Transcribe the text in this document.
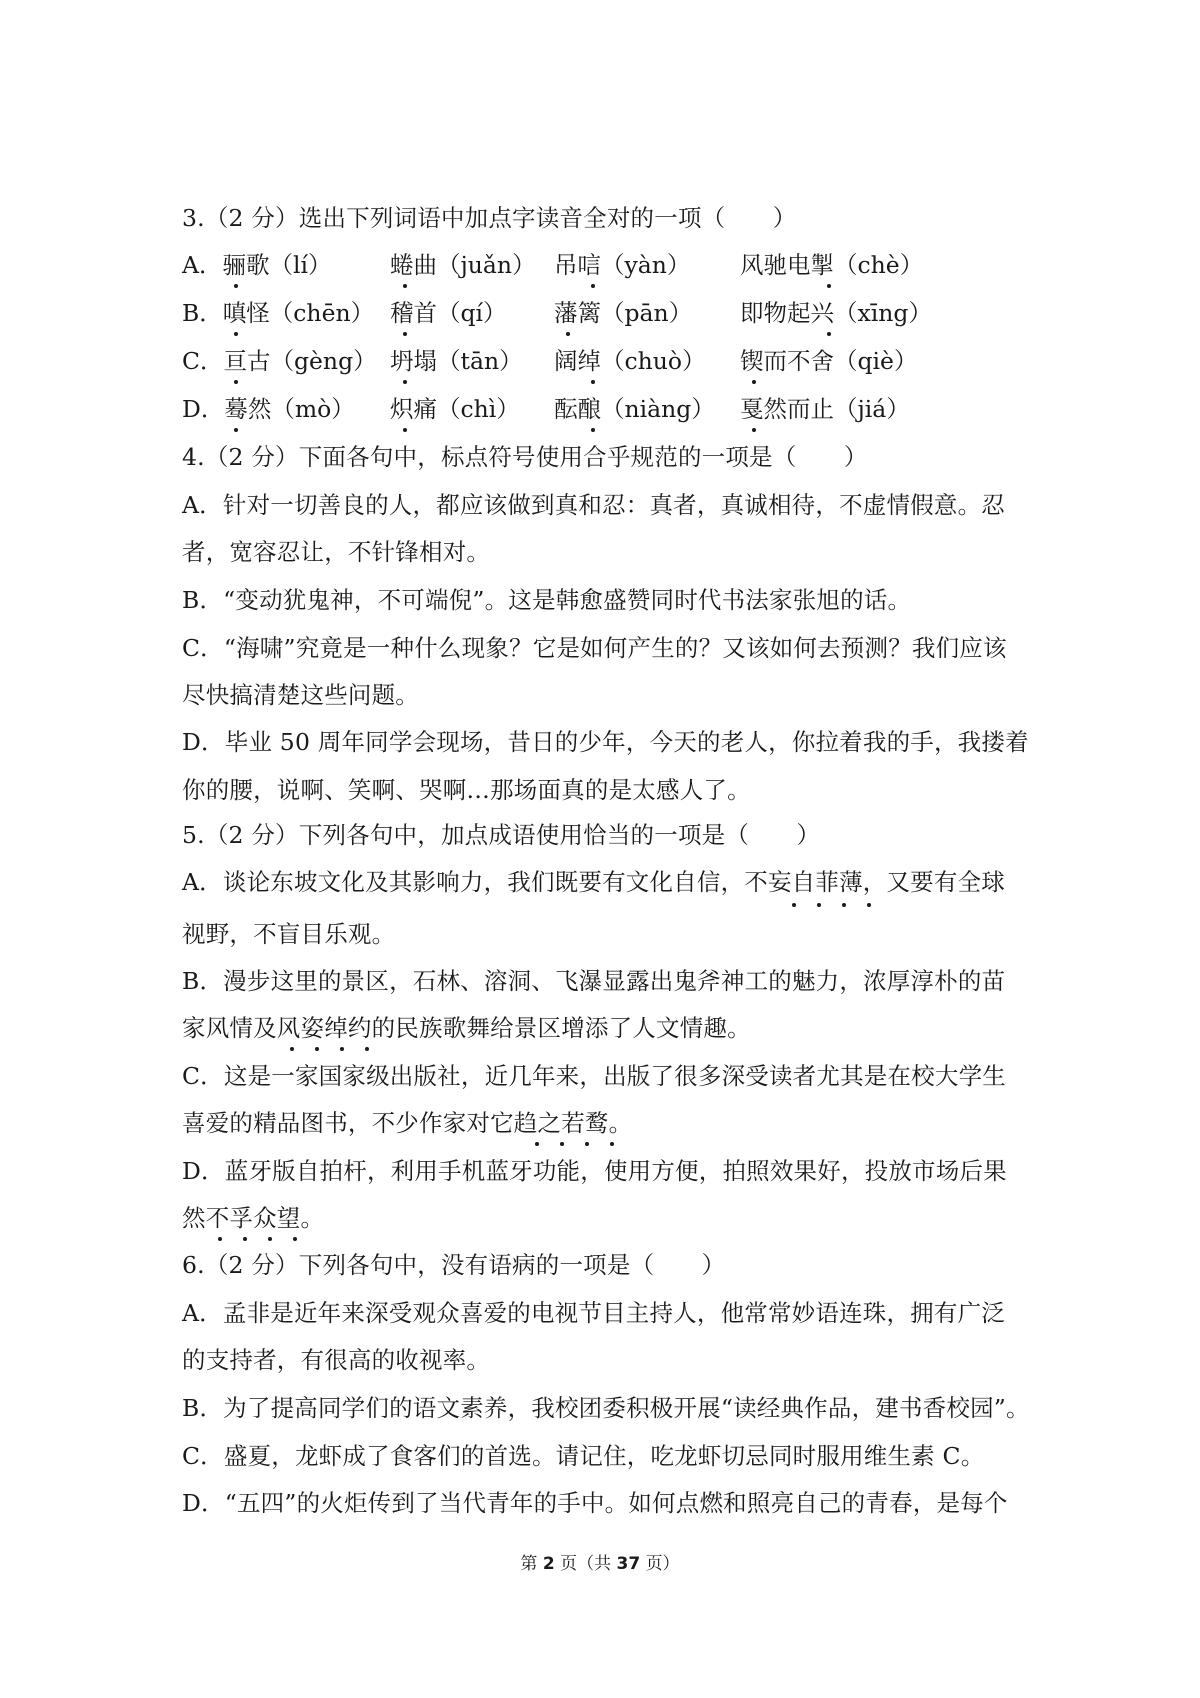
3.（2 分）选出下列词语中加点字读音全对的一项（　　）
A．骊歌（lí） 蜷曲（juǎn） 吊唁（yàn） 风驰电掣（chè）
B．嗔怪（chēn） 稽首（qí） 藩篱（pān） 即物起兴（xīng）
C．亘古（gèng） 坍塌（tān） 阔绰（chuò） 锲而不舍（qiè）
D．蓦然（mò） 炽痛（chì） 酝酿（niàng） 戛然而止（jiá）
4.（2 分）下面各句中，标点符号使用合乎规范的一项是（　　）
A．针对一切善良的人，都应该做到真和忍：真者，真诚相待，不虚情假意。忍
者，宽容忍让，不针锋相对。
B．“变动犹鬼神，不可端倪”。这是韩愈盛赞同时代书法家张旭的话。
C．“海啸”究竟是一种什么现象？它是如何产生的？又该如何去预测？我们应该
尽快搞清楚这些问题。
D．毕业 50 周年同学会现场，昔日的少年，今天的老人，你拉着我的手，我搂着
你的腰，说啊、笑啊、哭啊…那场面真的是太感人了。
5.（2 分）下列各句中，加点成语使用恰当的一项是（　　）
A．谈论东坡文化及其影响力，我们既要有文化自信，不妄自菲薄，又要有全球
视野，不盲目乐观。
B．漫步这里的景区，石林、溶洞、飞瀑显露出鬼斧神工的魅力，浓厚淳朴的苗
家风情及风姿绰约的民族歌舞给景区增添了人文情趣。
C．这是一家国家级出版社，近几年来，出版了很多深受读者尤其是在校大学生
喜爱的精品图书，不少作家对它趋之若鹜。
D．蓝牙版自拍杆，利用手机蓝牙功能，使用方便，拍照效果好，投放市场后果
然不孚众望。
6.（2 分）下列各句中，没有语病的一项是（　　）
A．孟非是近年来深受观众喜爱的电视节目主持人，他常常妙语连珠，拥有广泛
的支持者，有很高的收视率。
B．为了提高同学们的语文素养，我校团委积极开展“读经典作品，建书香校园”。
C．盛夏，龙虾成了食客们的首选。请记住，吃龙虾切忌同时服用维生素 C。
D．“五四”的火炬传到了当代青年的手中。如何点燃和照亮自己的青春，是每个
第 2 页（共 37 页）
